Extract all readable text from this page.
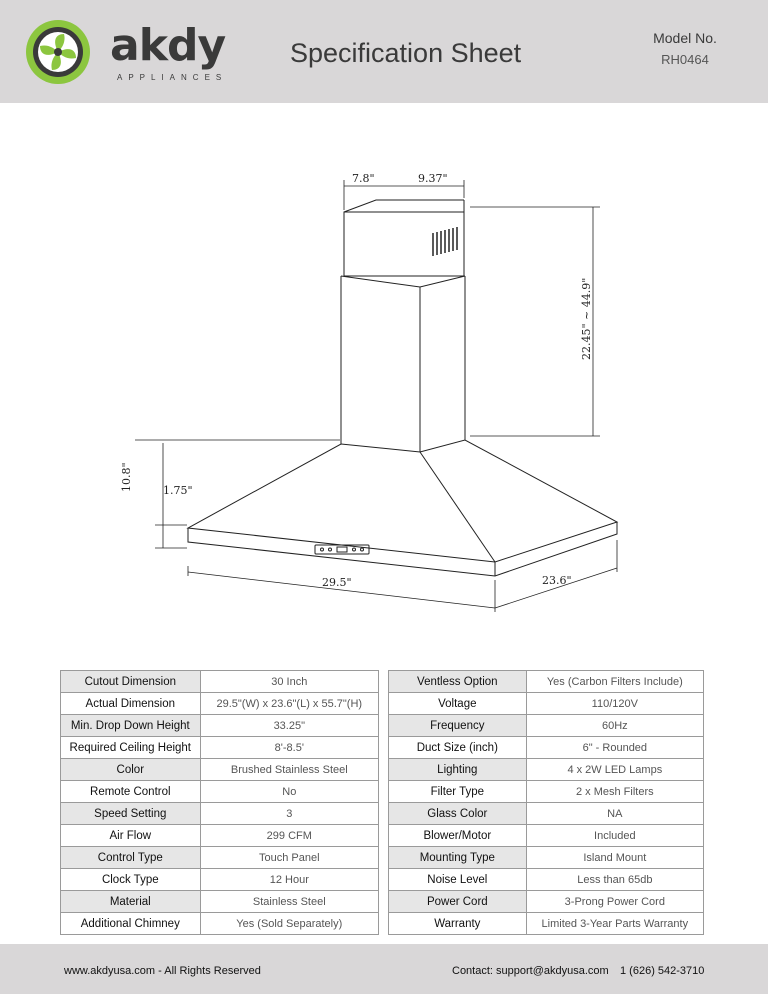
akdy
APPLIANCES
Specification Sheet	Model No.
RH0464
7.8"	9.37"
22.45" ~ 44.9"
10.8"	1.75"
29.5"	23.6"
Cutout Dimension	30 Inch
Actual Dimension	29.5"(W) x 23.6"(L) x 55.7"(H)
Min. Drop Down Height	33.25"
Required Ceiling Height	8'-8.5'
Color	Brushed Stainless Steel
Remote Control	No
Speed Setting	3
Air Flow	299 CFM
Control Type	Touch Panel
Clock Type	12 Hour
Material	Stainless Steel
Additional Chimney	Yes (Sold Separately)
Ventless Option	Yes (Carbon Filters Include)
Voltage	110/120V
Frequency	60Hz
Duct Size (inch)	6" - Rounded
Lighting	4 x 2W LED Lamps
Filter Type	2 x Mesh Filters
Glass Color	NA
Blower/Motor	Included
Mounting Type	Island Mount
Noise Level	Less than 65db
Power Cord	3-Prong Power Cord
Warranty	Limited 3-Year Parts Warranty
www.akdyusa.com - All Rights Reserved	Contact: support@akdyusa.com 1 (626) 542-3710
